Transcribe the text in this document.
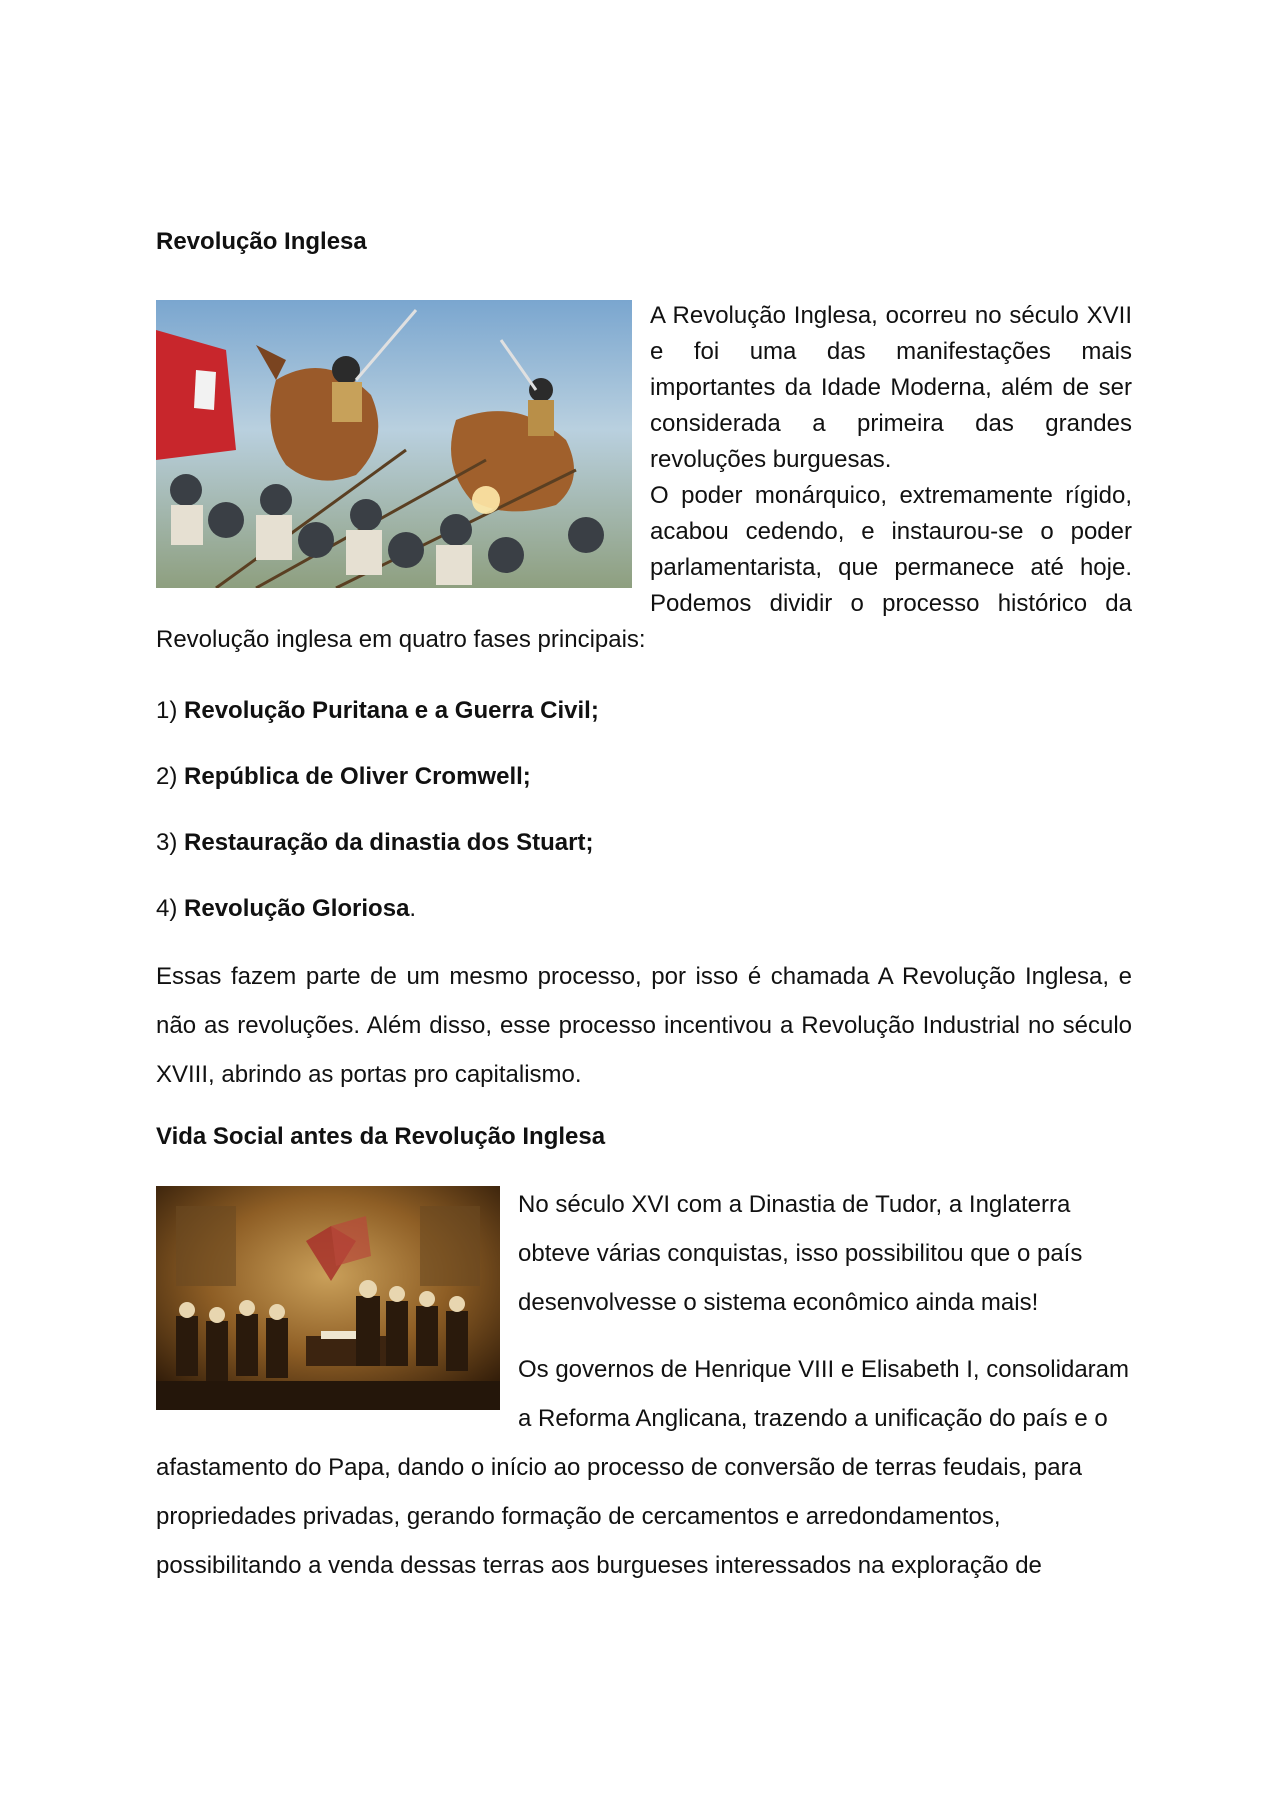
Revolução Inglesa

A Revolução Inglesa, ocorreu no século XVII e foi uma das manifestações mais importantes da Idade Moderna, além de ser considerada a primeira das grandes revoluções burguesas.

O poder monárquico, extremamente rígido, acabou cedendo, e instaurou-se o poder parlamentarista, que permanece até hoje. Podemos dividir o processo histórico da Revolução inglesa em quatro fases principais:

1) Revolução Puritana e a Guerra Civil;

2) República de Oliver Cromwell;

3) Restauração da dinastia dos Stuart;

4) Revolução Gloriosa.

Essas fazem parte de um mesmo processo, por isso é chamada A Revolução Inglesa, e não as revoluções. Além disso, esse processo incentivou a Revolução Industrial no século XVIII, abrindo as portas pro capitalismo.

Vida Social antes da Revolução Inglesa

No século XVI com a Dinastia de Tudor, a Inglaterra obteve várias conquistas, isso possibilitou que o país desenvolvesse o sistema econômico ainda mais!

Os governos de Henrique VIII e Elisabeth I, consolidaram a Reforma Anglicana, trazendo a unificação do país e o afastamento do Papa, dando o início ao processo de conversão de terras feudais, para propriedades privadas, gerando formação de cercamentos e arredondamentos, possibilitando a venda dessas terras aos burgueses interessados na exploração de
